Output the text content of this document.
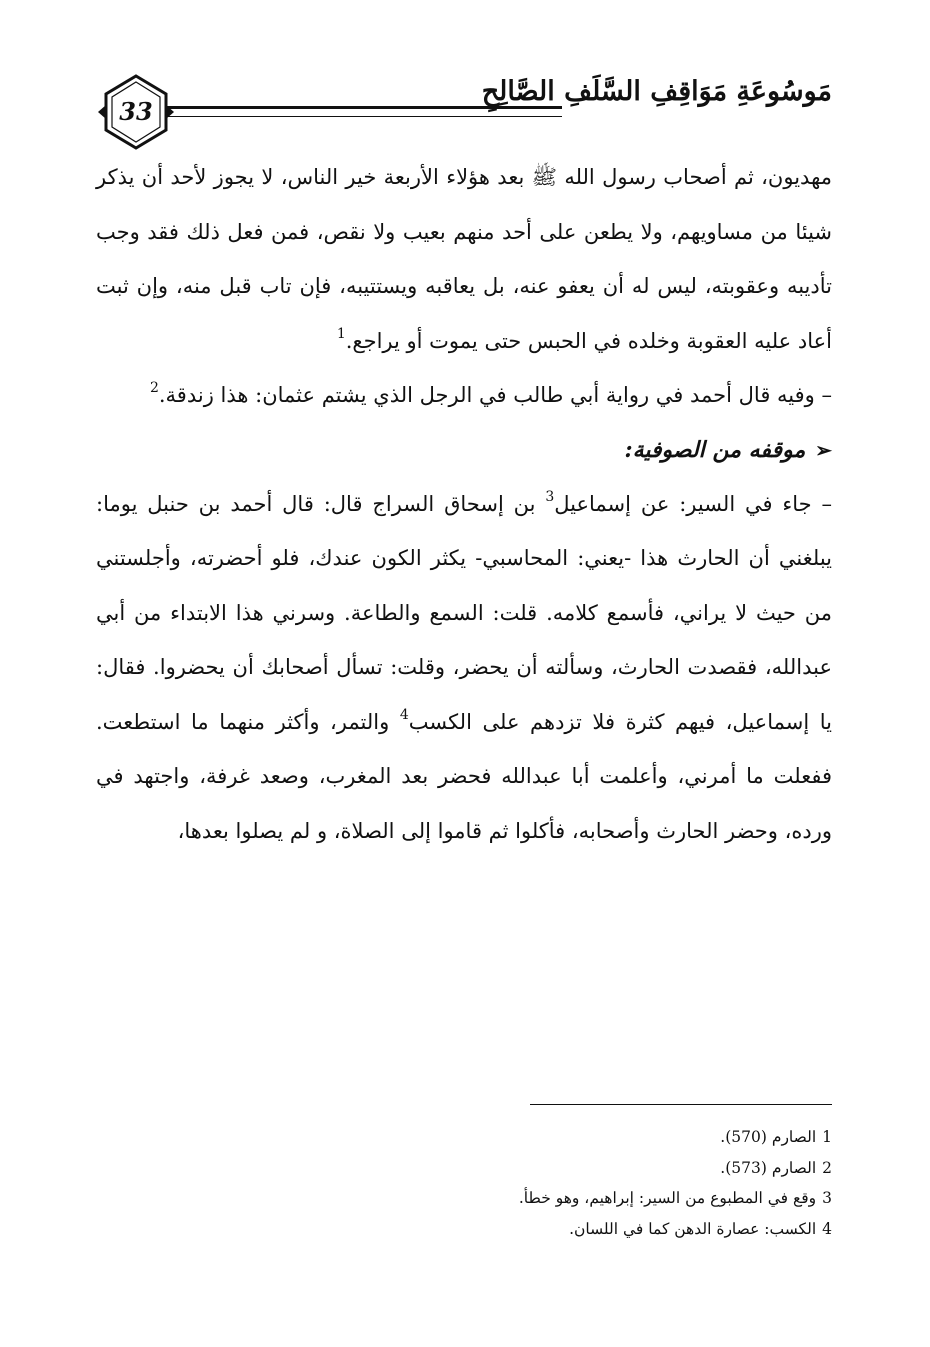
مَوسُوعَةِ مَوَاقِفِ السَّلَفِ الصَّالِحِ
33

مهديون، ثم أصحاب رسول الله ﷺ بعد هؤلاء الأربعة خير الناس، لا يجوز لأحد أن يذكر شيئا من مساويهم، ولا يطعن على أحد منهم بعيب ولا نقص، فمن فعل ذلك فقد وجب تأديبه وعقوبته، ليس له أن يعفو عنه، بل يعاقبه ويستتيبه، فإن تاب قبل منه، وإن ثبت أعاد عليه العقوبة وخلده في الحبس حتى يموت أو يراجع.$^1$

– وفيه قال أحمد في رواية أبي طالب في الرجل الذي يشتم عثمان: هذا زندقة.$^2$

➢موقفه من الصوفية:

– جاء في السير: عن إسماعيل$^3$ بن إسحاق السراج قال: قال أحمد بن حنبل يوما: يبلغني أن الحارث هذا -يعني: المحاسبي- يكثر الكون عندك، فلو أحضرته، وأجلستني من حيث لا يراني، فأسمع كلامه. قلت: السمع والطاعة. وسرني هذا الابتداء من أبي عبدالله، فقصدت الحارث، وسألته أن يحضر، وقلت: تسأل أصحابك أن يحضروا. فقال: يا إسماعيل، فيهم كثرة فلا تزدهم على الكسب$^4$ والتمر، وأكثر منهما ما استطعت. ففعلت ما أمرني، وأعلمت أبا عبدالله فحضر بعد المغرب، وصعد غرفة، واجتهد في ورده، وحضر الحارث وأصحابه، فأكلوا ثم قاموا إلى الصلاة، و لم يصلوا بعدها،

1الصارم (570).

2الصارم (573).

3وقع في المطبوع من السير: إبراهيم، وهو خطأ.

4الكسب: عصارة الدهن كما في اللسان.
